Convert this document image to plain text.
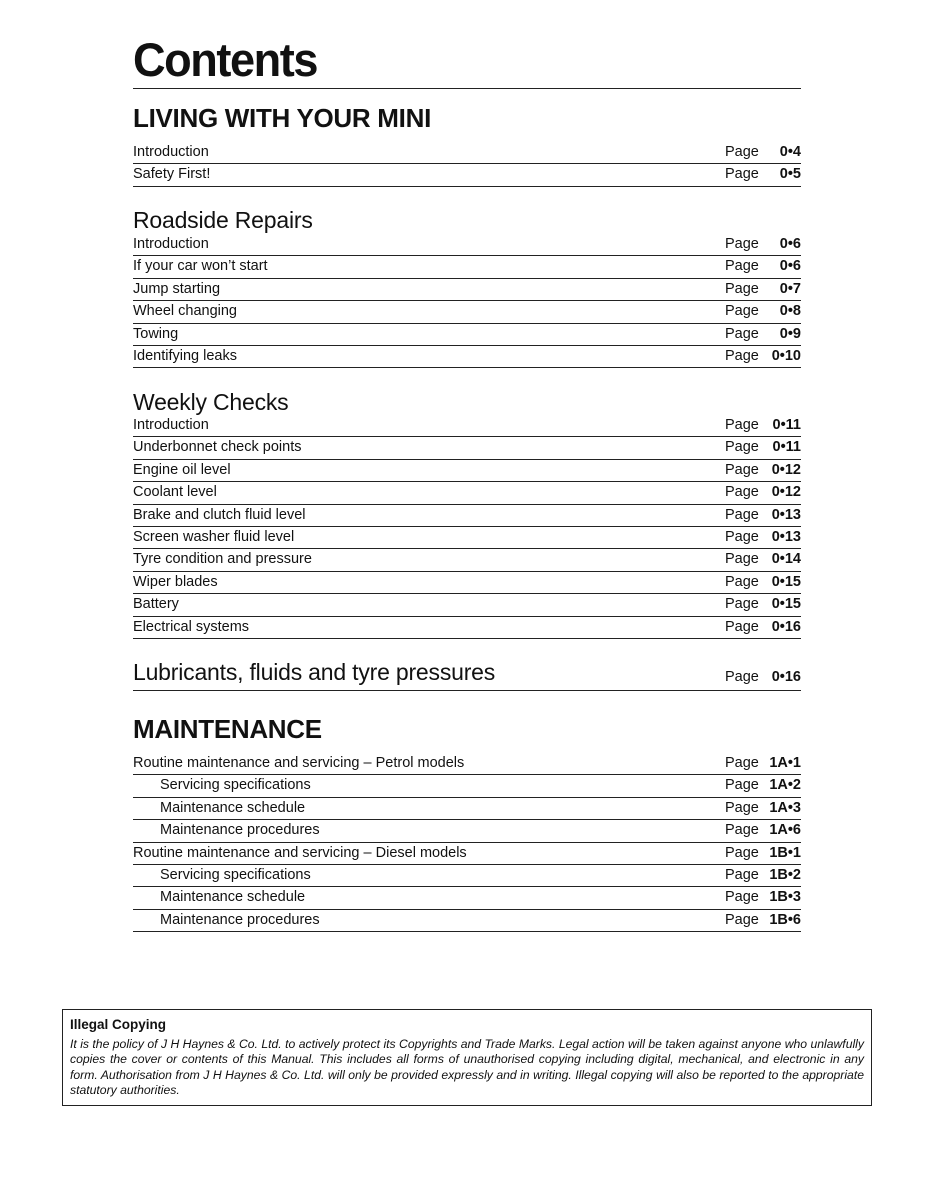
Contents
LIVING WITH YOUR MINI
Introduction	Page 0•4
Safety First!	Page 0•5
Roadside Repairs
Introduction	Page 0•6
If your car won’t start	Page 0•6
Jump starting	Page 0•7
Wheel changing	Page 0•8
Towing	Page 0•9
Identifying leaks	Page 0•10
Weekly Checks
Introduction	Page 0•11
Underbonnet check points	Page 0•11
Engine oil level	Page 0•12
Coolant level	Page 0•12
Brake and clutch fluid level	Page 0•13
Screen washer fluid level	Page 0•13
Tyre condition and pressure	Page 0•14
Wiper blades	Page 0•15
Battery	Page 0•15
Electrical systems	Page 0•16
Lubricants, fluids and tyre pressures	Page 0•16
MAINTENANCE
Routine maintenance and servicing – Petrol models	Page 1A•1
Servicing specifications	Page 1A•2
Maintenance schedule	Page 1A•3
Maintenance procedures	Page 1A•6
Routine maintenance and servicing – Diesel models	Page 1B•1
Servicing specifications	Page 1B•2
Maintenance schedule	Page 1B•3
Maintenance procedures	Page 1B•6

Illegal Copying

It is the policy of J H Haynes & Co. Ltd. to actively protect its Copyrights and Trade Marks. Legal action will be taken against anyone who unlawfully copies the cover or contents of this Manual. This includes all forms of unauthorised copying including digital, mechanical, and electronic in any form. Authorisation from J H Haynes & Co. Ltd. will only be provided expressly and in writing. Illegal copying will also be reported to the appropriate statutory authorities.
